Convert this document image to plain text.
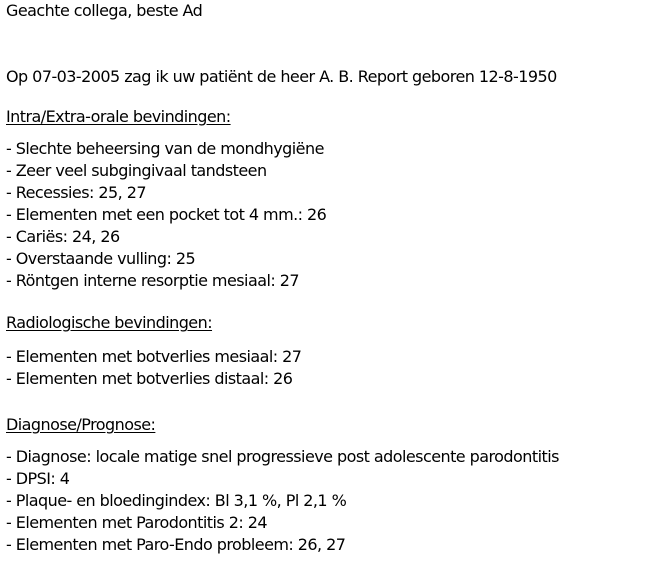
Geachte collega, beste Ad
Op 07-03-2005 zag ik uw patiënt de heer A. B. Report geboren 12-8-1950
Intra/Extra-orale bevindingen:
- Slechte beheersing van de mondhygiëne
- Zeer veel subgingivaal tandsteen
- Recessies: 25, 27
- Elementen met een pocket tot 4 mm.: 26
- Cariës: 24, 26
- Overstaande vulling: 25
- Röntgen interne resorptie mesiaal: 27
Radiologische bevindingen:
- Elementen met botverlies mesiaal: 27
- Elementen met botverlies distaal: 26
Diagnose/Prognose:
- Diagnose: locale matige snel progressieve post adolescente parodontitis
- DPSI: 4
- Plaque- en bloedingindex: Bl 3,1 %, Pl 2,1 %
- Elementen met Parodontitis 2: 24
- Elementen met Paro-Endo probleem: 26, 27
